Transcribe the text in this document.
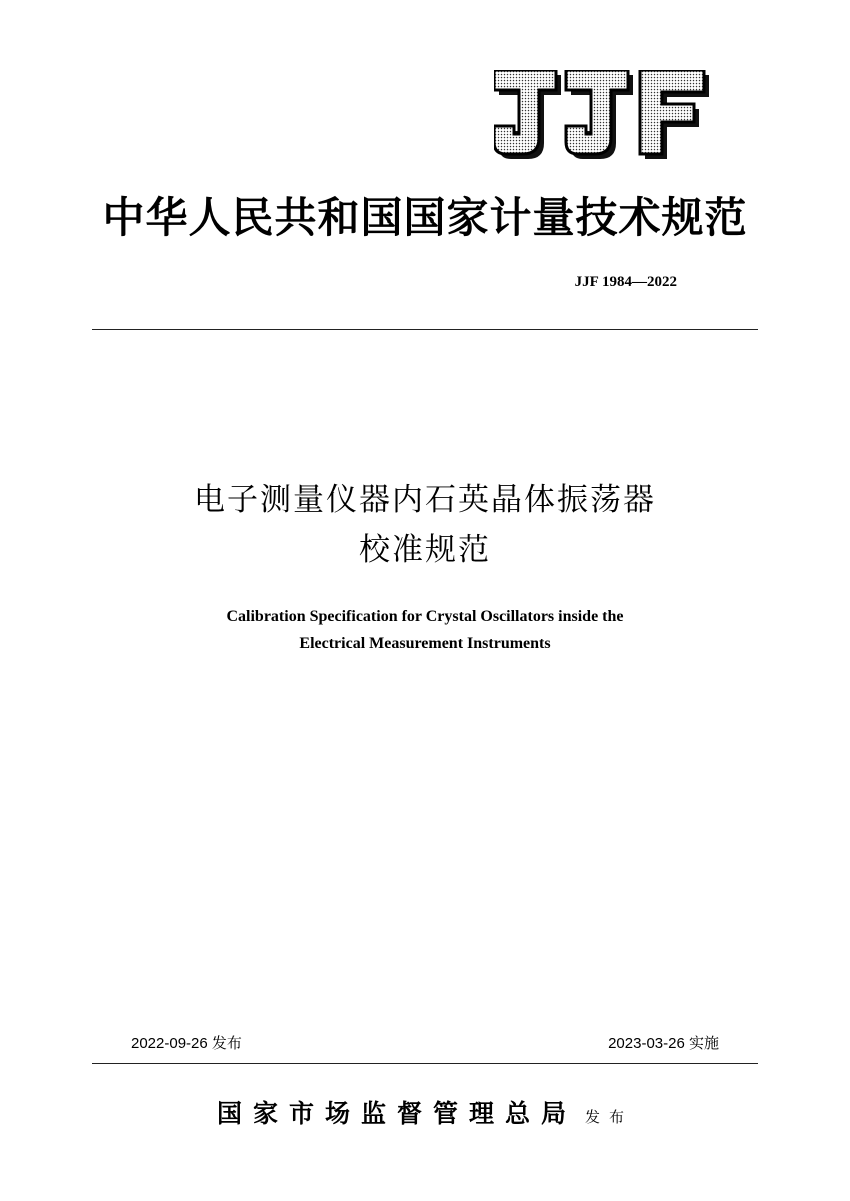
中华人民共和国国家计量技术规范
JJF 1984—2022
电子测量仪器内石英晶体振荡器
校准规范
Calibration Specification for Crystal Oscillators inside the
Electrical Measurement Instruments
2022-09-26 发布	2023-03-26 实施
国家市场监督管理总局 发布
